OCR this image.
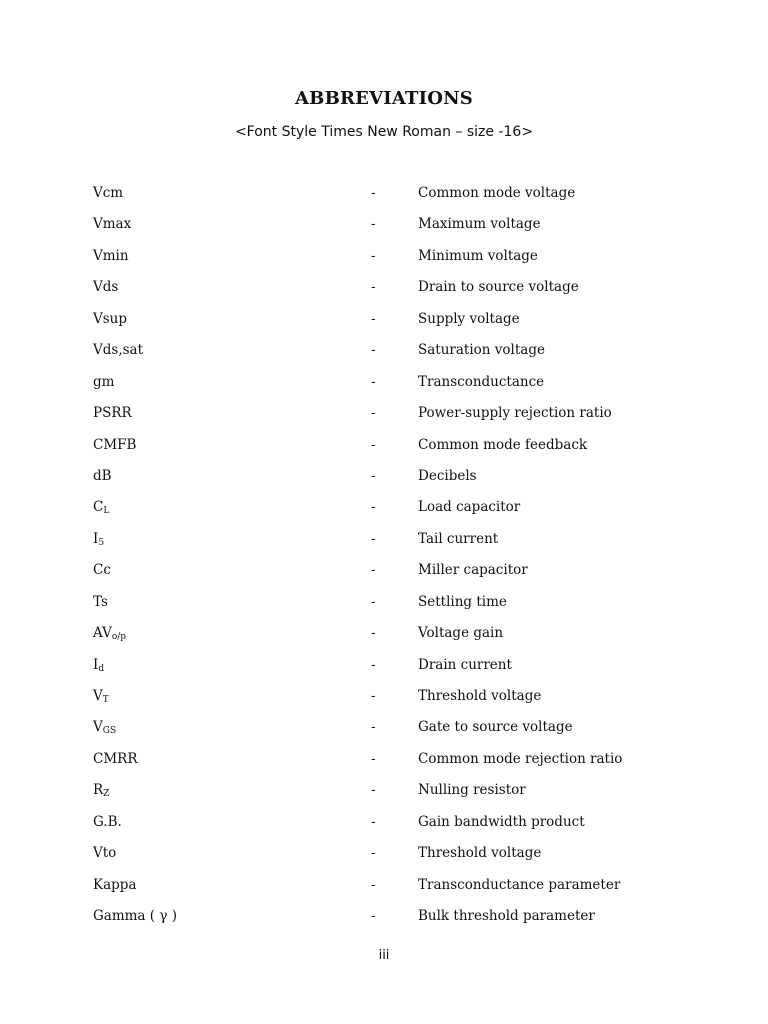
ABBREVIATIONS
<Font Style Times New Roman – size -16>
Vcm	-	Common mode voltage
Vmax	-	Maximum voltage
Vmin	-	Minimum voltage
Vds	-	Drain to source voltage
Vsup	-	Supply voltage
Vds,sat	-	Saturation voltage
gm	-	Transconductance
PSRR	-	Power-supply rejection ratio
CMFB	-	Common mode feedback
dB	-	Decibels
$C_L$	-	Load capacitor
$I_5$	-	Tail current
Cc	-	Miller capacitor
Ts	-	Settling time
$AV_{o/p}$	-	Voltage gain
$I_d$	-	Drain current
$V_T$	-	Threshold voltage
$V_{GS}$	-	Gate to source voltage
CMRR	-	Common mode rejection ratio
$R_Z$	-	Nulling resistor
G.B.	-	Gain bandwidth product
Vto	-	Threshold voltage
Kappa	-	Transconductance parameter
Gamma ( γ )	-	Bulk threshold parameter
iii
